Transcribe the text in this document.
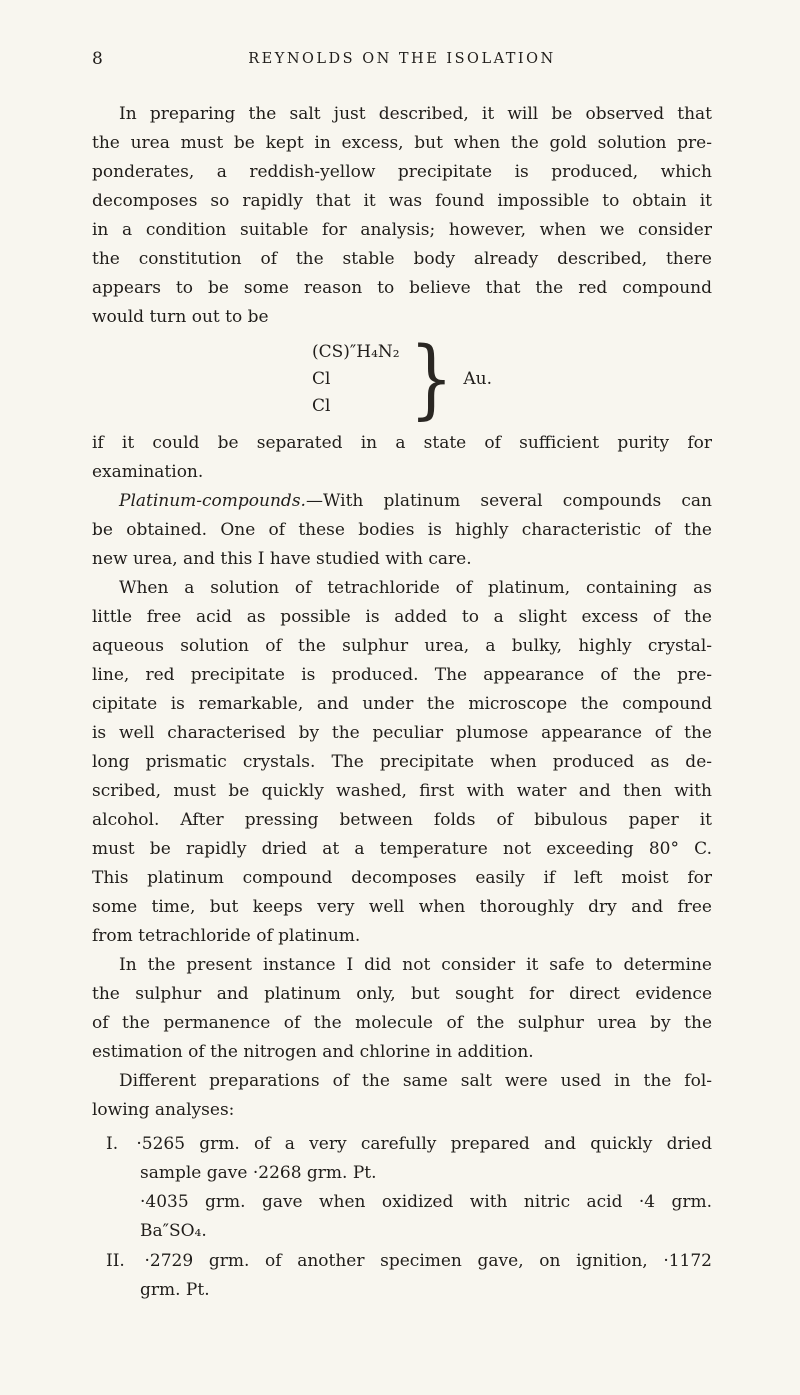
8	REYNOLDS ON THE ISOLATION
In preparing the salt just described, it will be observed that
the urea must be kept in excess, but when the gold solution pre-
ponderates, a reddish-yellow precipitate is produced, which
decomposes so rapidly that it was found impossible to obtain it
in a condition suitable for analysis; however, when we consider
the constitution of the stable body already described, there
appears to be some reason to believe that the red compound
would turn out to be
(CS)″H₄N₂
Cl
Cl } Au.
if it could be separated in a state of sufficient purity for
examination.
Platinum-compounds.—With platinum several compounds can
be obtained. One of these bodies is highly characteristic of the
new urea, and this I have studied with care.
When a solution of tetrachloride of platinum, containing as
little free acid as possible is added to a slight excess of the
aqueous solution of the sulphur urea, a bulky, highly crystal-
line, red precipitate is produced. The appearance of the pre-
cipitate is remarkable, and under the microscope the compound
is well characterised by the peculiar plumose appearance of the
long prismatic crystals. The precipitate when produced as de-
scribed, must be quickly washed, first with water and then with
alcohol. After pressing between folds of bibulous paper it
must be rapidly dried at a temperature not exceeding 80° C.
This platinum compound decomposes easily if left moist for
some time, but keeps very well when thoroughly dry and free
from tetrachloride of platinum.
In the present instance I did not consider it safe to determine
the sulphur and platinum only, but sought for direct evidence
of the permanence of the molecule of the sulphur urea by the
estimation of the nitrogen and chlorine in addition.
Different preparations of the same salt were used in the fol-
lowing analyses:
I. ·5265 grm. of a very carefully prepared and quickly dried
sample gave ·2268 grm. Pt.
·4035 grm. gave when oxidized with nitric acid ·4 grm.
Ba″SO₄.
II. ·2729 grm. of another specimen gave, on ignition, ·1172
grm. Pt.
